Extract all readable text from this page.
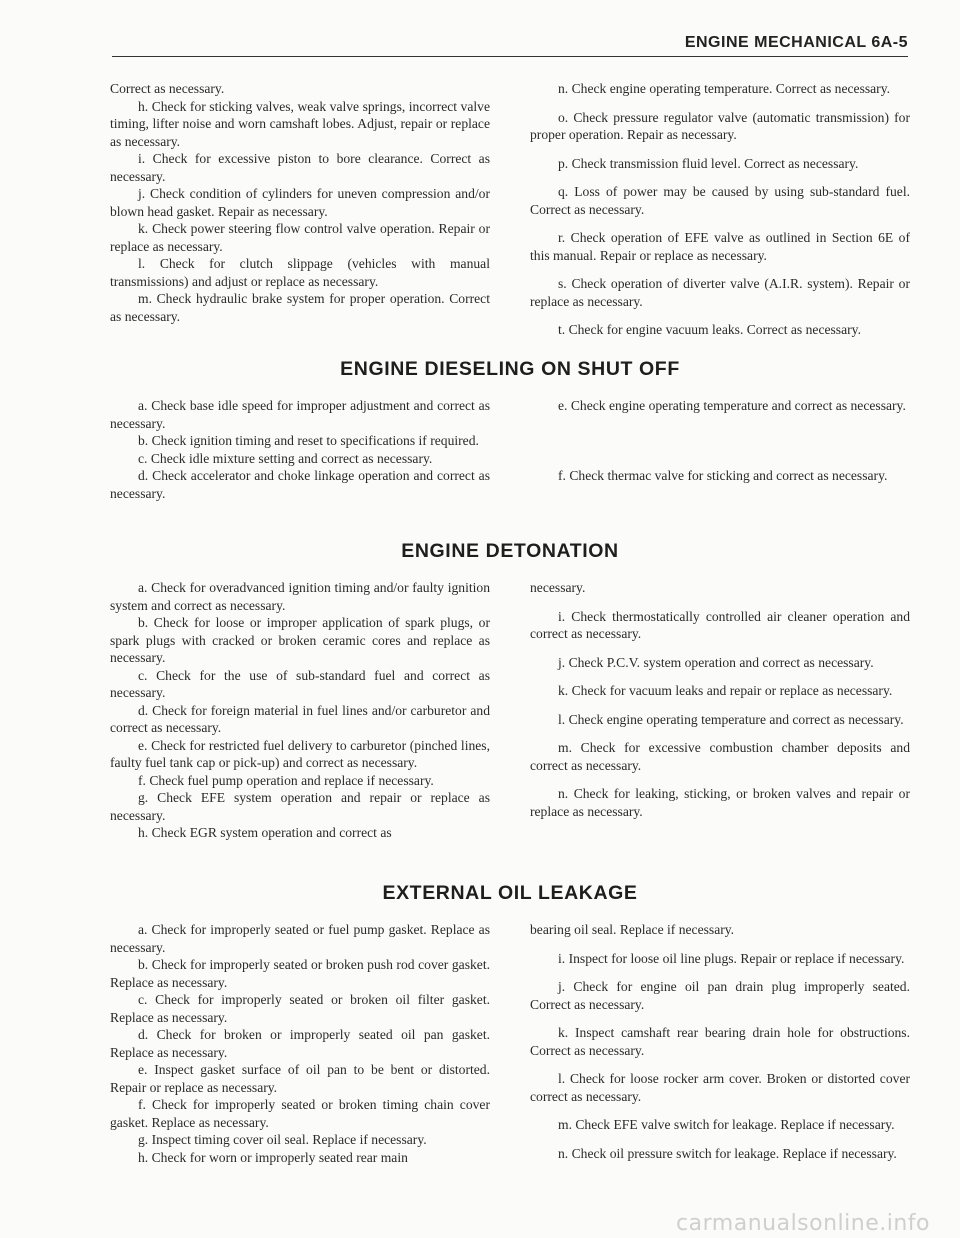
ENGINE MECHANICAL 6A-5

Correct as necessary.

h. Check for sticking valves, weak valve springs, incorrect valve timing, lifter noise and worn camshaft lobes. Adjust, repair or replace as necessary.

i. Check for excessive piston to bore clearance. Correct as necessary.

j. Check condition of cylinders for uneven compression and/or blown head gasket. Repair as necessary.

k. Check power steering flow control valve operation. Repair or replace as necessary.

l. Check for clutch slippage (vehicles with manual transmissions) and adjust or replace as necessary.

m. Check hydraulic brake system for proper operation. Correct as necessary.

n. Check engine operating temperature. Correct as necessary.

o. Check pressure regulator valve (automatic transmission) for proper operation. Repair as necessary.

p. Check transmission fluid level. Correct as necessary.

q. Loss of power may be caused by using sub-standard fuel. Correct as necessary.

r. Check operation of EFE valve as outlined in Section 6E of this manual. Repair or replace as necessary.

s. Check operation of diverter valve (A.I.R. system). Repair or replace as necessary.

t. Check for engine vacuum leaks. Correct as necessary.

ENGINE DIESELING ON SHUT OFF

a. Check base idle speed for improper adjustment and correct as necessary.

b. Check ignition timing and reset to specifications if required.

c. Check idle mixture setting and correct as necessary.

d. Check accelerator and choke linkage operation and correct as necessary.

e. Check engine operating temperature and correct as necessary.

f. Check thermac valve for sticking and correct as necessary.

ENGINE DETONATION

a. Check for overadvanced ignition timing and/or faulty ignition system and correct as necessary.

b. Check for loose or improper application of spark plugs, or spark plugs with cracked or broken ceramic cores and replace as necessary.

c. Check for the use of sub-standard fuel and correct as necessary.

d. Check for foreign material in fuel lines and/or carburetor and correct as necessary.

e. Check for restricted fuel delivery to carburetor (pinched lines, faulty fuel tank cap or pick-up) and correct as necessary.

f. Check fuel pump operation and replace if necessary.

g. Check EFE system operation and repair or replace as necessary.

h. Check EGR system operation and correct as

necessary.

i. Check thermostatically controlled air cleaner operation and correct as necessary.

j. Check P.C.V. system operation and correct as necessary.

k. Check for vacuum leaks and repair or replace as necessary.

l. Check engine operating temperature and correct as necessary.

m. Check for excessive combustion chamber deposits and correct as necessary.

n. Check for leaking, sticking, or broken valves and repair or replace as necessary.

EXTERNAL OIL LEAKAGE

a. Check for improperly seated or fuel pump gasket. Replace as necessary.

b. Check for improperly seated or broken push rod cover gasket. Replace as necessary.

c. Check for improperly seated or broken oil filter gasket. Replace as necessary.

d. Check for broken or improperly seated oil pan gasket. Replace as necessary.

e. Inspect gasket surface of oil pan to be bent or distorted. Repair or replace as necessary.

f. Check for improperly seated or broken timing chain cover gasket. Replace as necessary.

g. Inspect timing cover oil seal. Replace if necessary.

h. Check for worn or improperly seated rear main

bearing oil seal. Replace if necessary.

i. Inspect for loose oil line plugs. Repair or replace if necessary.

j. Check for engine oil pan drain plug improperly seated. Correct as necessary.

k. Inspect camshaft rear bearing drain hole for obstructions. Correct as necessary.

l. Check for loose rocker arm cover. Broken or distorted cover correct as necessary.

m. Check EFE valve switch for leakage. Replace if necessary.

n. Check oil pressure switch for leakage. Replace if necessary.

carmanualsonline.info
